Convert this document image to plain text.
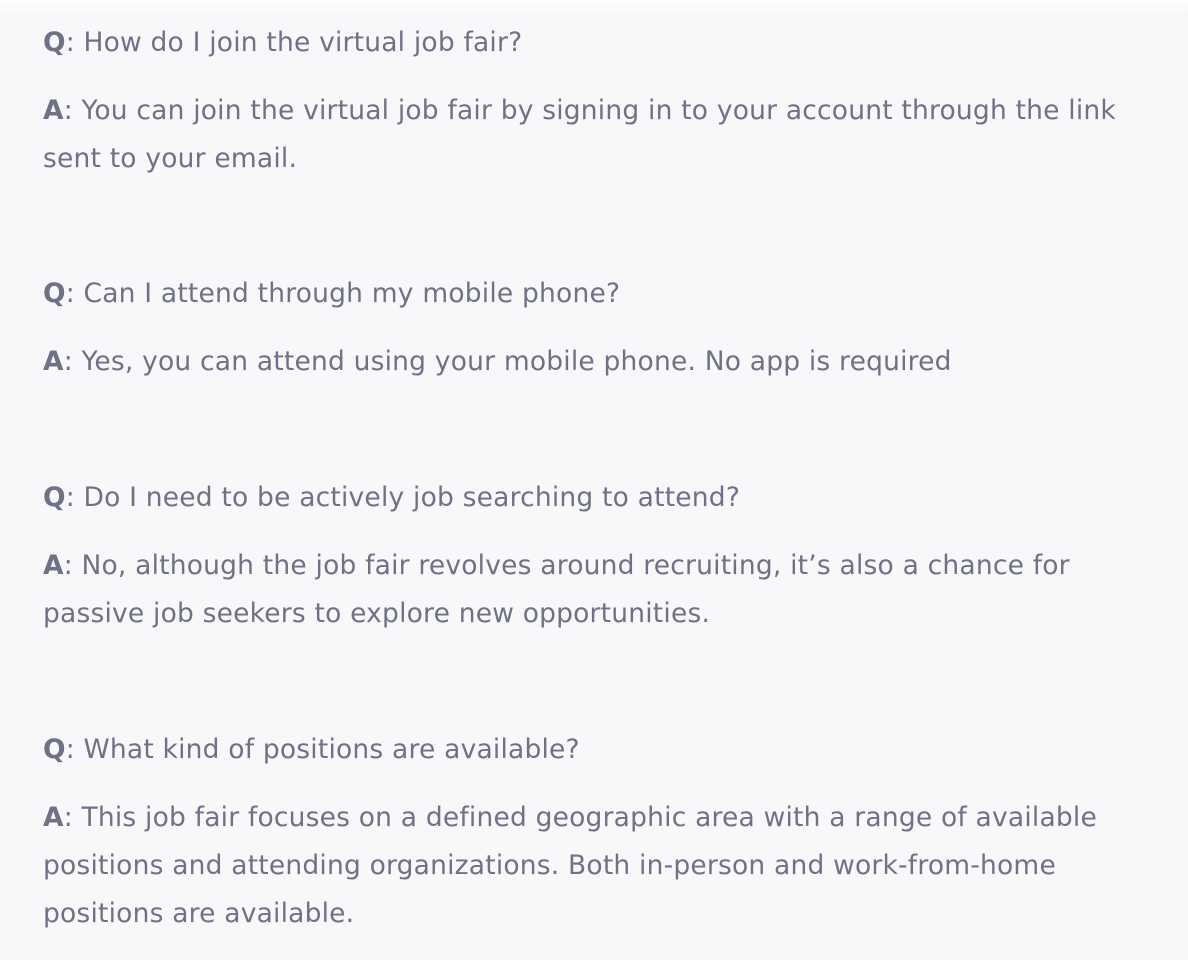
Q: How do I join the virtual job fair?

A: You can join the virtual job fair by signing in to your account through the link sent to your email.

Q: Can I attend through my mobile phone?

A: Yes, you can attend using your mobile phone. No app is required

Q: Do I need to be actively job searching to attend?

A: No, although the job fair revolves around recruiting, it’s also a chance for passive job seekers to explore new opportunities.

Q: What kind of positions are available?

A: This job fair focuses on a defined geographic area with a range of available positions and attending organizations. Both in-person and work-from-home positions are available.
